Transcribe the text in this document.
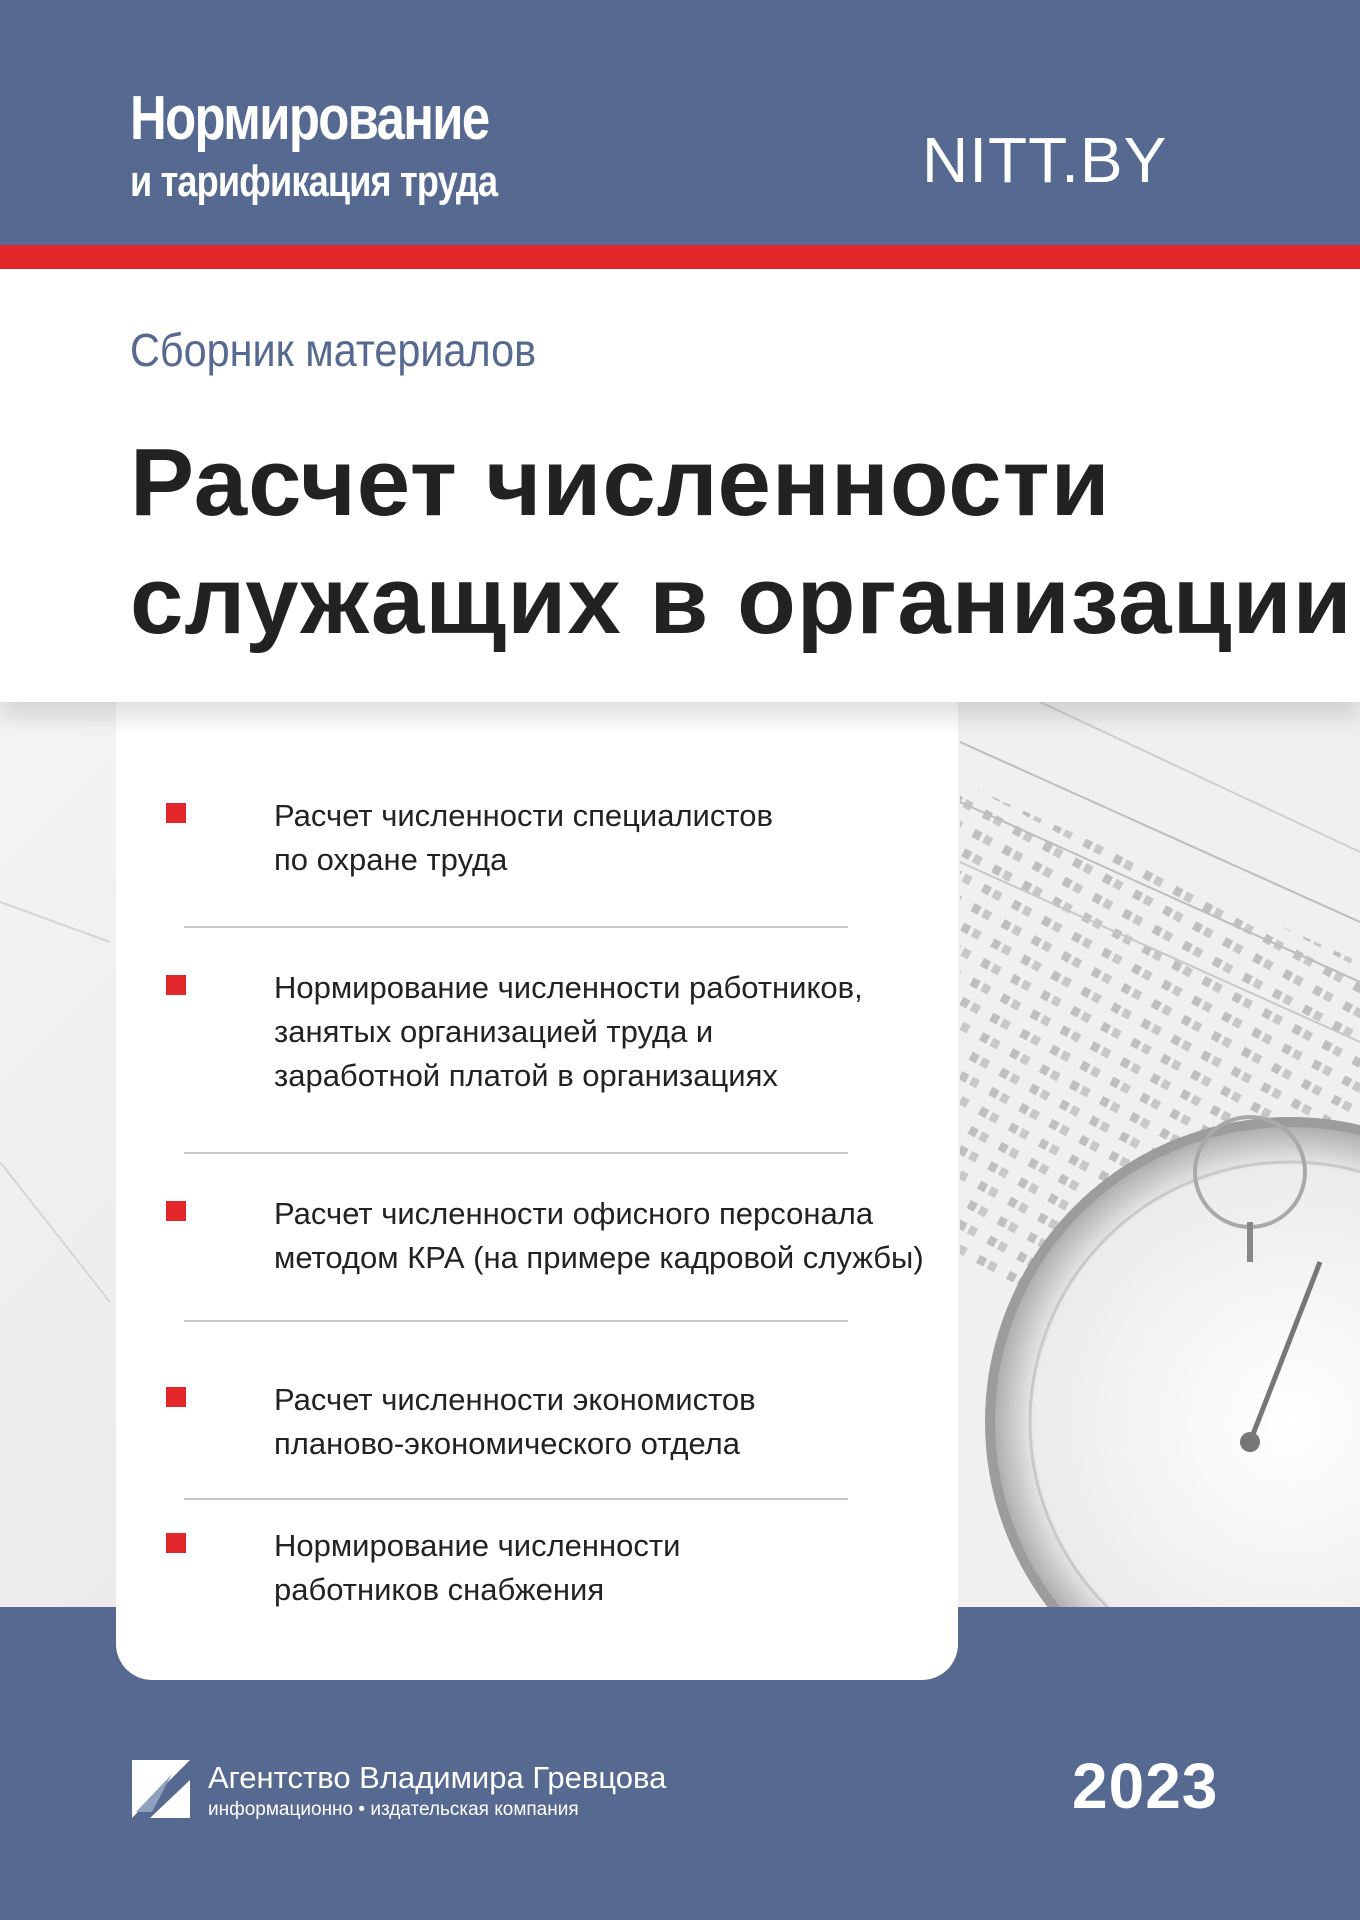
Нормирование
и тарификация труда	NITT.BY
Сборник материалов
Расчет численности
служащих в организации
Расчет численности специалистов
по охране труда
Нормирование численности работников,
занятых организацией труда и
заработной платой в организациях
Расчет численности офисного персонала
методом КРА (на примере кадровой службы)
Расчет численности экономистов
планово-экономического отдела
Нормирование численности
работников снабжения
Агентство Владимира Гревцова
информационно • издательская компания	2023
